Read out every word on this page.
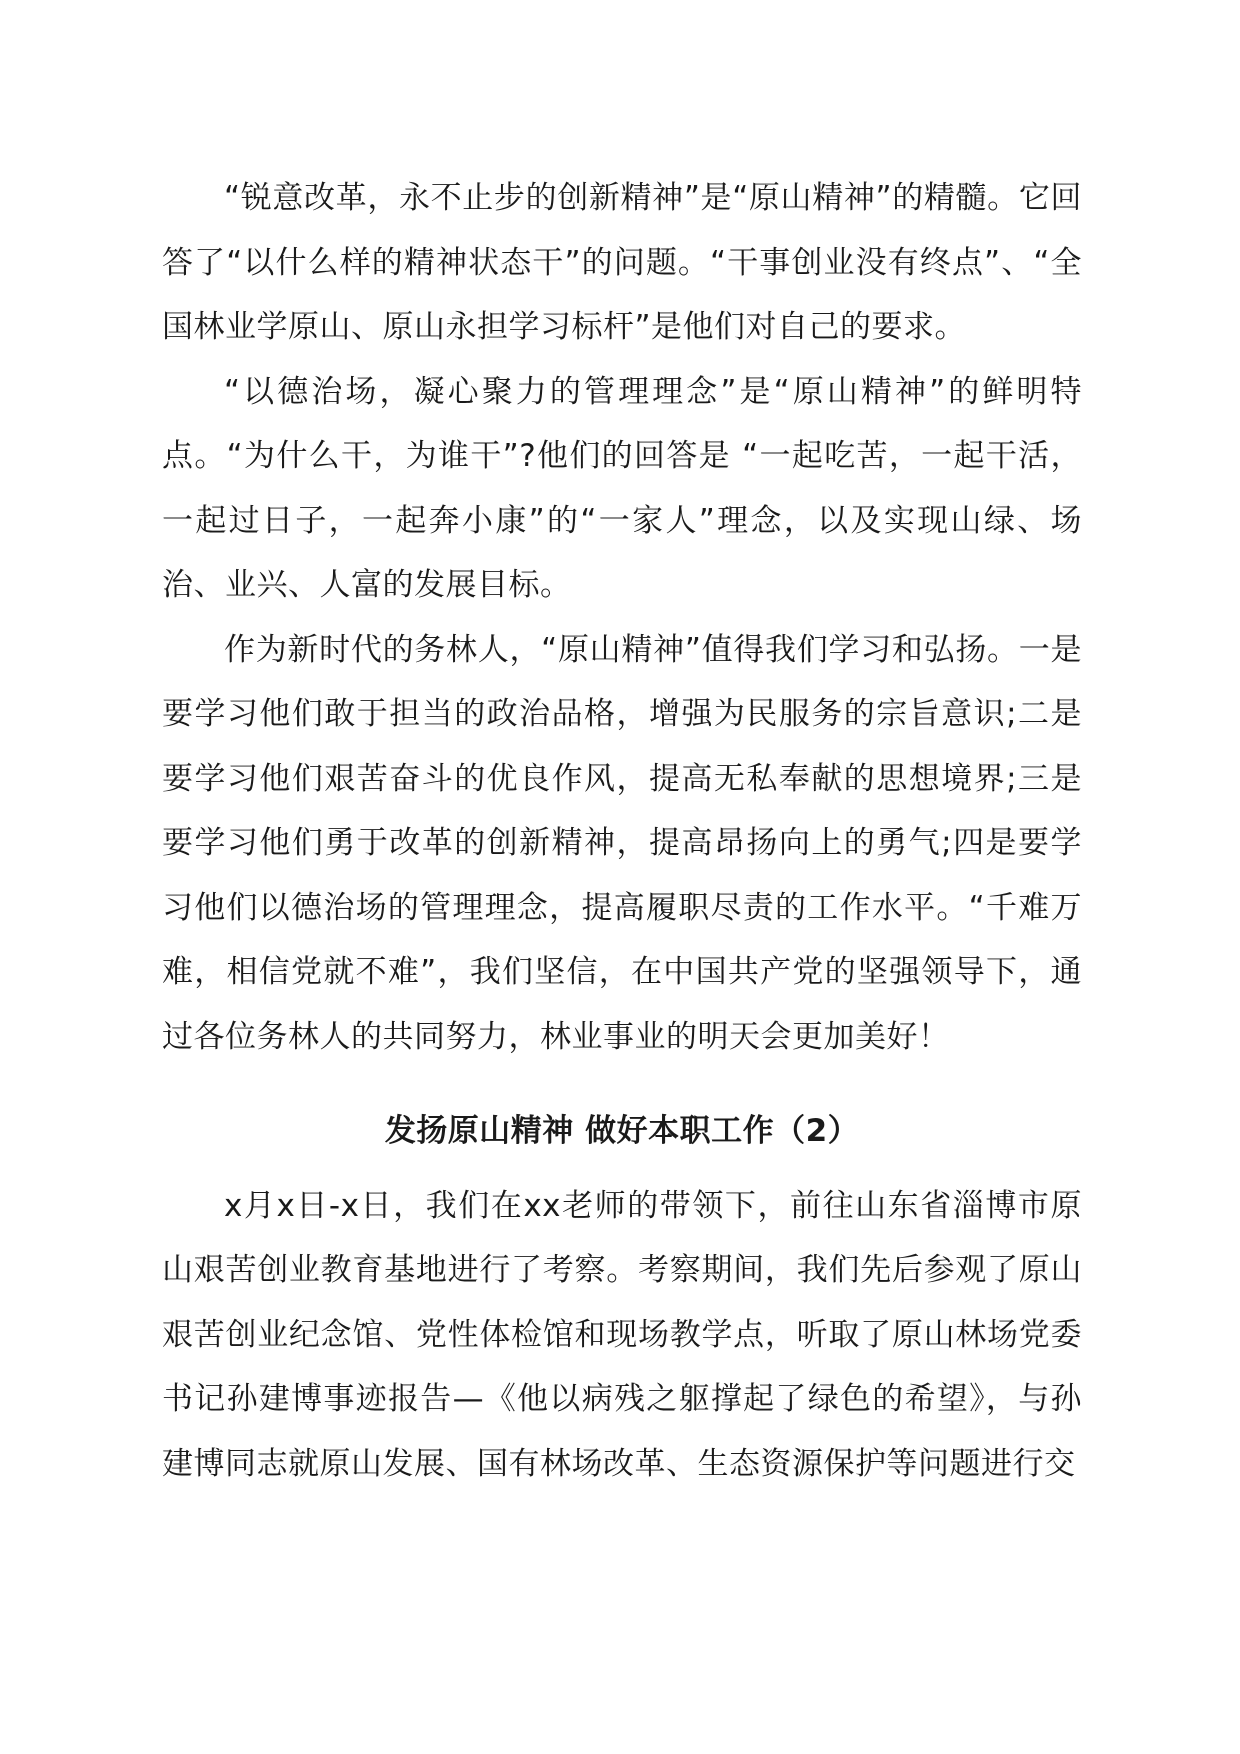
“锐意改革，永不止步的创新精神”是“原山精神”的精髓。它回答了“以什么样的精神状态干”的问题。“干事创业没有终点”、“全国林业学原山、原山永担学习标杆”是他们对自己的要求。

“以德治场，凝心聚力的管理理念”是“原山精神”的鲜明特点。“为什么干，为谁干”?他们的回答是 “一起吃苦，一起干活，一起过日子，一起奔小康”的“一家人”理念，以及实现山绿、场治、业兴、人富的发展目标。

作为新时代的务林人，“原山精神”值得我们学习和弘扬。一是要学习他们敢于担当的政治品格，增强为民服务的宗旨意识;二是要学习他们艰苦奋斗的优良作风，提高无私奉献的思想境界;三是要学习他们勇于改革的创新精神，提高昂扬向上的勇气;四是要学习他们以德治场的管理理念，提高履职尽责的工作水平。“千难万难，相信党就不难”，我们坚信，在中国共产党的坚强领导下，通过各位务林人的共同努力，林业事业的明天会更加美好！

发扬原山精神 做好本职工作（2）

x月x日-x日，我们在xx老师的带领下，前往山东省淄博市原山艰苦创业教育基地进行了考察。考察期间，我们先后参观了原山艰苦创业纪念馆、党性体检馆和现场教学点，听取了原山林场党委书记孙建博事迹报告—《他以病残之躯撑起了绿色的希望》，与孙建博同志就原山发展、国有林场改革、生态资源保护等问题进行交
